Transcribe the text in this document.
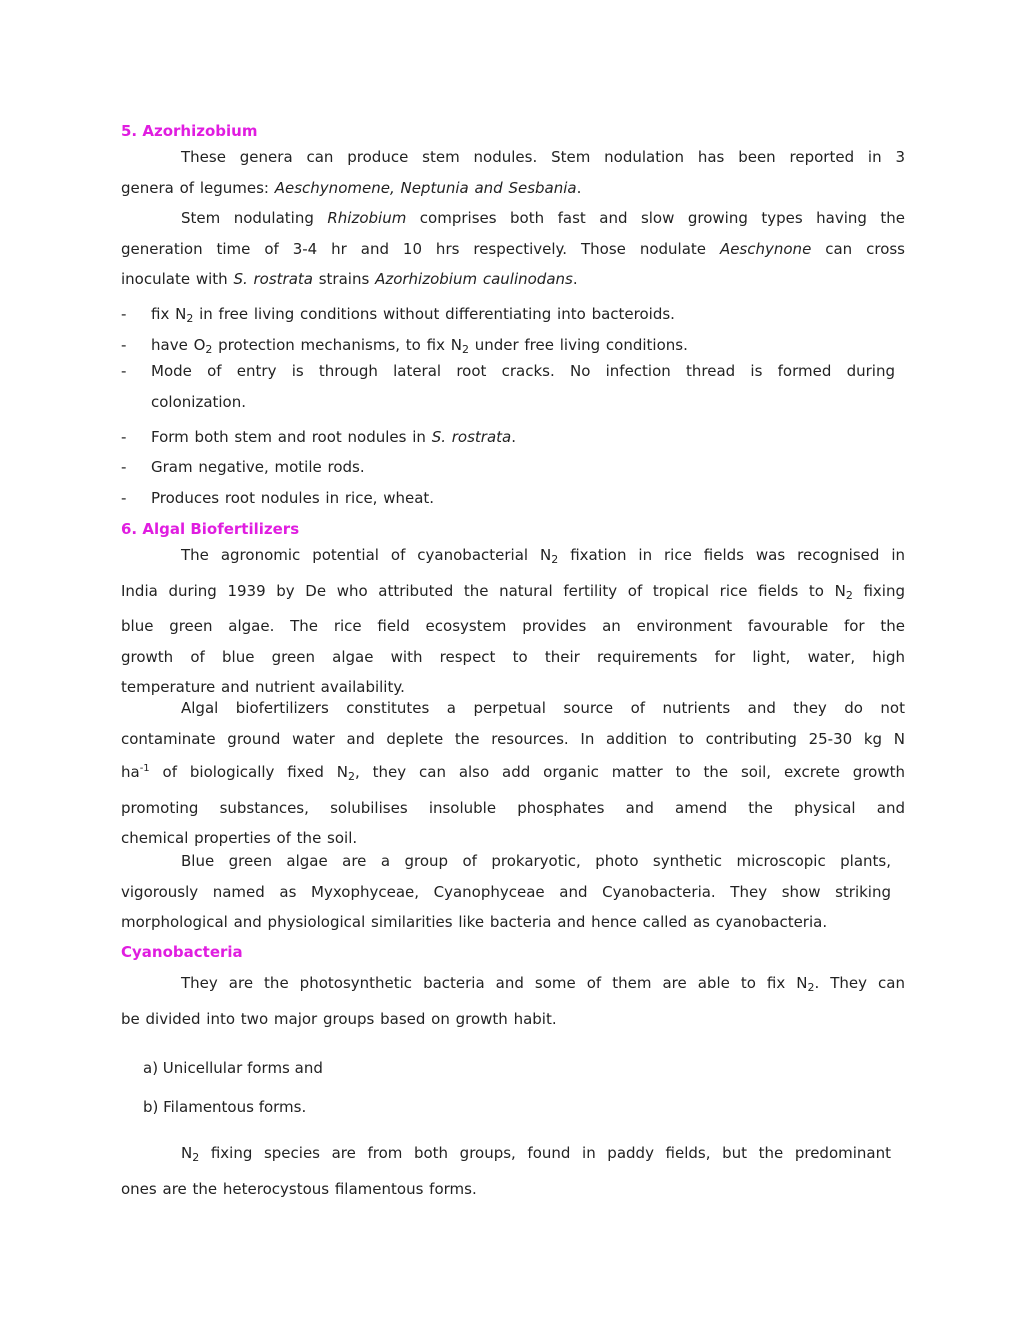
5. Azorhizobium
These genera can produce stem nodules. Stem nodulation has been reported in 3
genera of legumes: Aeschynomene, Neptunia and Sesbania.
Stem nodulating Rhizobium comprises both fast and slow growing types having the
generation time of 3-4 hr and 10 hrs respectively. Those nodulate Aeschynone can cross
inoculate with S. rostrata strains Azorhizobium caulinodans.
- fix $N_2$ in free living conditions without differentiating into bacteroids.
- have $O_2$ protection mechanisms, to fix $N_2$ under free living conditions.
- Mode of entry is through lateral root cracks. No infection thread is formed during
colonization.
- Form both stem and root nodules in S. rostrata.
- Gram negative, motile rods.
- Produces root nodules in rice, wheat.
6. Algal Biofertilizers
The agronomic potential of cyanobacterial $N_2$ fixation in rice fields was recognised in
India during 1939 by De who attributed the natural fertility of tropical rice fields to $N_2$ fixing
blue green algae. The rice field ecosystem provides an environment favourable for the
growth of blue green algae with respect to their requirements for light, water, high
temperature and nutrient availability.
Algal biofertilizers constitutes a perpetual source of nutrients and they do not
contaminate ground water and deplete the resources. In addition to contributing 25-30 kg N
$ha^{-1}$ of biologically fixed $N_2$, they can also add organic matter to the soil, excrete growth
promoting substances, solubilises insoluble phosphates and amend the physical and
chemical properties of the soil.
Blue green algae are a group of prokaryotic, photo synthetic microscopic plants,
vigorously named as Myxophyceae, Cyanophyceae and Cyanobacteria. They show striking
morphological and physiological similarities like bacteria and hence called as cyanobacteria.
Cyanobacteria
They are the photosynthetic bacteria and some of them are able to fix $N_2$. They can
be divided into two major groups based on growth habit.
a) Unicellular forms and
b) Filamentous forms.
$N_2$ fixing species are from both groups, found in paddy fields, but the predominant
ones are the heterocystous filamentous forms.
